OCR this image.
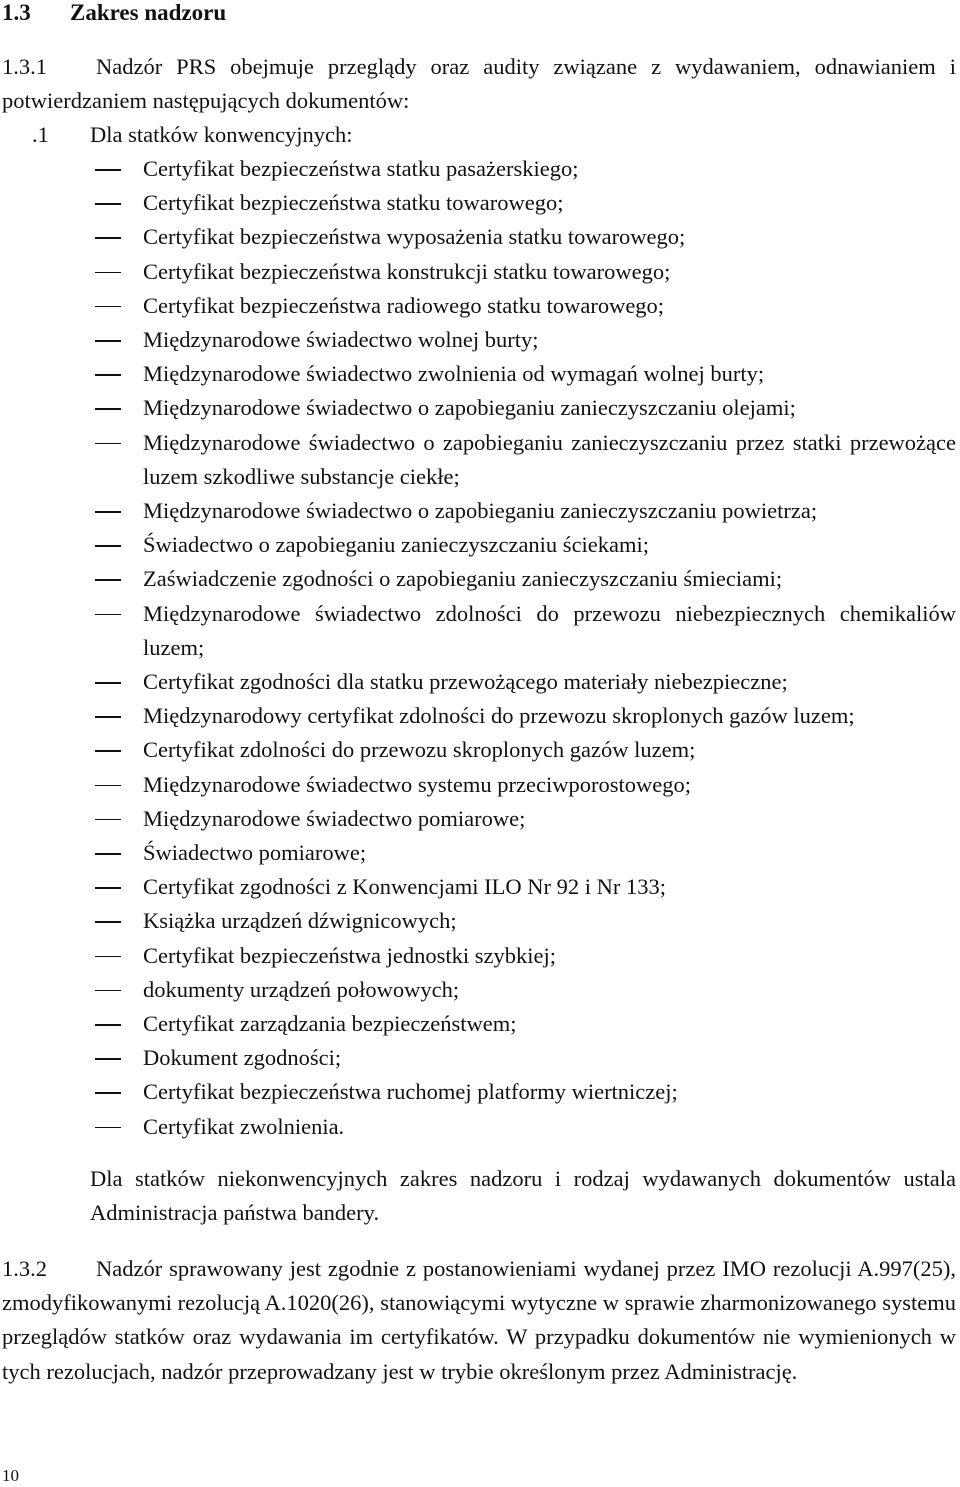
1.3 Zakres nadzoru

1.3.1 Nadzór PRS obejmuje przeglądy oraz audity związane z wydawaniem, odnawianiem i potwierdzaniem następujących dokumentów:

.1 Dla statków konwencyjnych:

Certyfikat bezpieczeństwa statku pasażerskiego;
Certyfikat bezpieczeństwa statku towarowego;
Certyfikat bezpieczeństwa wyposażenia statku towarowego;
Certyfikat bezpieczeństwa konstrukcji statku towarowego;
Certyfikat bezpieczeństwa radiowego statku towarowego;
Międzynarodowe świadectwo wolnej burty;
Międzynarodowe świadectwo zwolnienia od wymagań wolnej burty;
Międzynarodowe świadectwo o zapobieganiu zanieczyszczaniu olejami;
Międzynarodowe świadectwo o zapobieganiu zanieczyszczaniu przez statki przewożące luzem szkodliwe substancje ciekłe;
Międzynarodowe świadectwo o zapobieganiu zanieczyszczaniu powietrza;
Świadectwo o zapobieganiu zanieczyszczaniu ściekami;
Zaświadczenie zgodności o zapobieganiu zanieczyszczaniu śmieciami;
Międzynarodowe świadectwo zdolności do przewozu niebezpiecznych chemikaliów luzem;
Certyfikat zgodności dla statku przewożącego materiały niebezpieczne;
Międzynarodowy certyfikat zdolności do przewozu skroplonych gazów luzem;
Certyfikat zdolności do przewozu skroplonych gazów luzem;
Międzynarodowe świadectwo systemu przeciwporostowego;
Międzynarodowe świadectwo pomiarowe;
Świadectwo pomiarowe;
Certyfikat zgodności z Konwencjami ILO Nr 92 i Nr 133;
Książka urządzeń dźwignicowych;
Certyfikat bezpieczeństwa jednostki szybkiej;
dokumenty urządzeń połowowych;
Certyfikat zarządzania bezpieczeństwem;
Dokument zgodności;
Certyfikat bezpieczeństwa ruchomej platformy wiertniczej;
Certyfikat zwolnienia.

Dla statków niekonwencyjnych zakres nadzoru i rodzaj wydawanych dokumentów ustala Administracja państwa bandery.

1.3.2 Nadzór sprawowany jest zgodnie z postanowieniami wydanej przez IMO rezolucji A.997(25), zmodyfikowanymi rezolucją A.1020(26), stanowiącymi wytyczne w sprawie zharmonizowanego systemu przeglądów statków oraz wydawania im certyfikatów. W przypadku dokumentów nie wymienionych w tych rezolucjach, nadzór przeprowadzany jest w trybie określonym przez Administrację.

10
